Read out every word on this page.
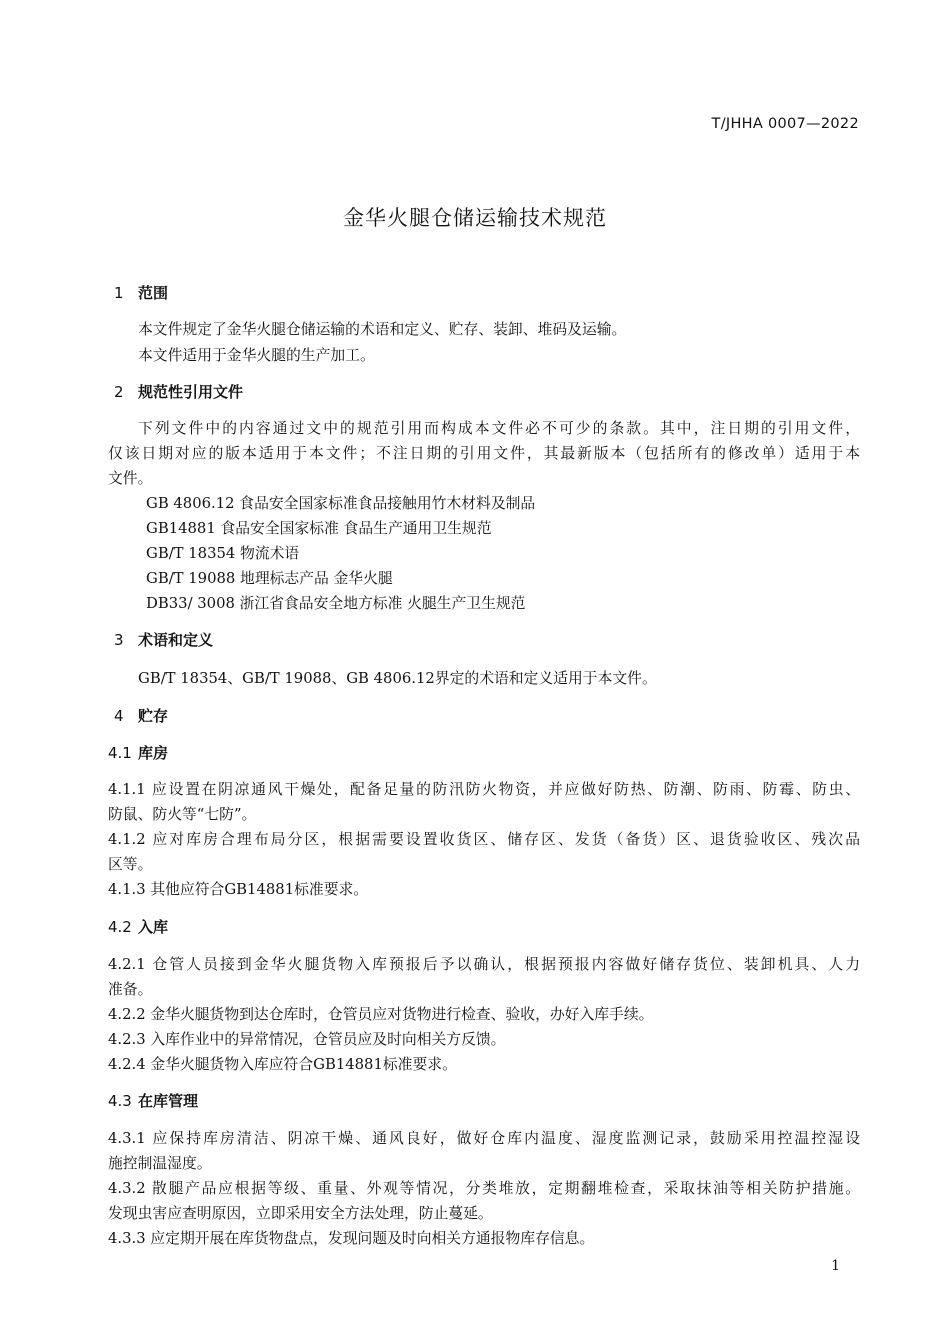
T/JHHA 0007—2022
金华火腿仓储运输技术规范
1 范围
本文件规定了金华火腿仓储运输的术语和定义、贮存、装卸、堆码及运输。
本文件适用于金华火腿的生产加工。
2 规范性引用文件
下列文件中的内容通过文中的规范引用而构成本文件必不可少的条款。其中，注日期的引用文件，
仅该日期对应的版本适用于本文件；不注日期的引用文件，其最新版本（包括所有的修改单）适用于本
文件。
GB 4806.12 食品安全国家标准食品接触用竹木材料及制品
GB14881 食品安全国家标准 食品生产通用卫生规范
GB/T 18354 物流术语
GB/T 19088 地理标志产品 金华火腿
DB33/ 3008 浙江省食品安全地方标准 火腿生产卫生规范
3 术语和定义
GB/T 18354、GB/T 19088、GB 4806.12界定的术语和定义适用于本文件。
4 贮存
4.1 库房
4.1.1 应设置在阴凉通风干燥处，配备足量的防汛防火物资，并应做好防热、防潮、防雨、防霉、防虫、
防鼠、防火等“七防”。
4.1.2 应对库房合理布局分区，根据需要设置收货区、储存区、发货（备货）区、退货验收区、残次品
区等。
4.1.3 其他应符合GB14881标准要求。
4.2 入库
4.2.1 仓管人员接到金华火腿货物入库预报后予以确认，根据预报内容做好储存货位、装卸机具、人力
准备。
4.2.2 金华火腿货物到达仓库时，仓管员应对货物进行检查、验收，办好入库手续。
4.2.3 入库作业中的异常情况，仓管员应及时向相关方反馈。
4.2.4 金华火腿货物入库应符合GB14881标准要求。
4.3 在库管理
4.3.1 应保持库房清洁、阴凉干燥、通风良好，做好仓库内温度、湿度监测记录，鼓励采用控温控湿设
施控制温湿度。
4.3.2 散腿产品应根据等级、重量、外观等情况，分类堆放，定期翻堆检查，采取抹油等相关防护措施。
发现虫害应查明原因，立即采用安全方法处理，防止蔓延。
4.3.3 应定期开展在库货物盘点，发现问题及时向相关方通报物库存信息。
1
